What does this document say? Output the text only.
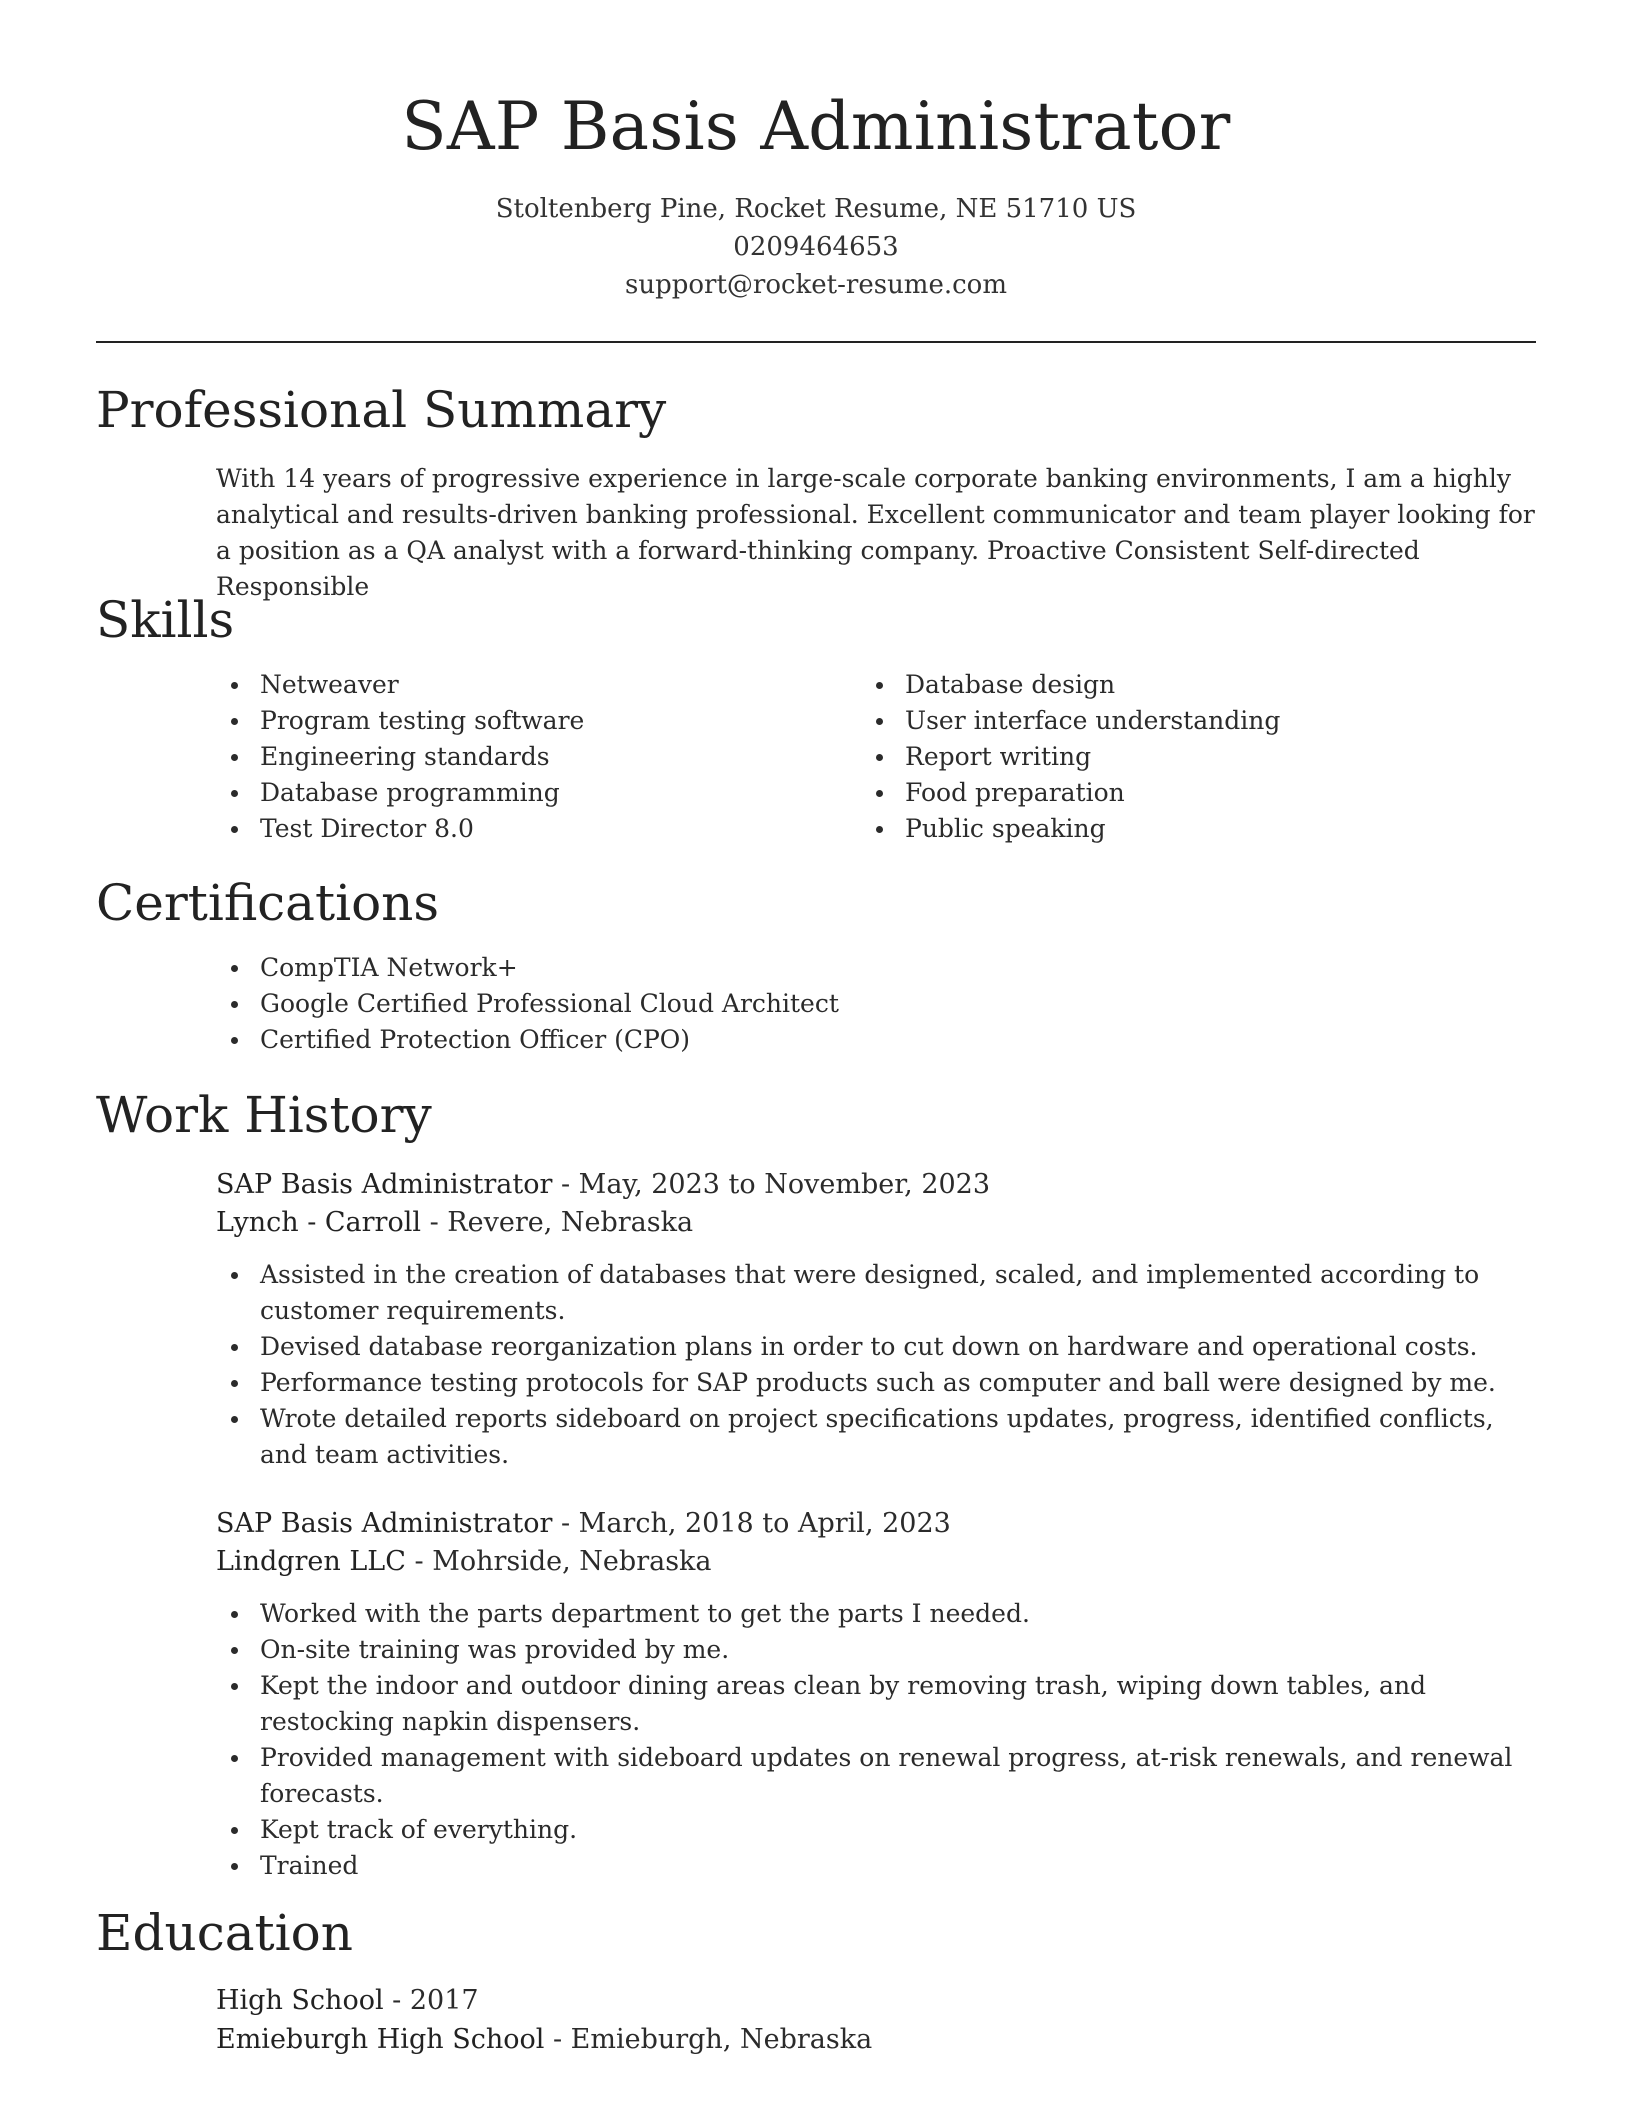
SAP Basis Administrator
Stoltenberg Pine, Rocket Resume, NE 51710 US
0209464653
support@rocket-resume.com
Professional Summary
With 14 years of progressive experience in large-scale corporate banking environments, I am a highly analytical and results-driven banking professional. Excellent communicator and team player looking for a position as a QA analyst with a forward-thinking company. Proactive Consistent Self-directed Responsible
Skills
Netweaver
Program testing software
Engineering standards
Database programming
Test Director 8.0
Database design
User interface understanding
Report writing
Food preparation
Public speaking
Certifications
CompTIA Network+
Google Certified Professional Cloud Architect
Certified Protection Officer (CPO)
Work History
SAP Basis Administrator - May, 2023 to November, 2023
Lynch - Carroll - Revere, Nebraska
Assisted in the creation of databases that were designed, scaled, and implemented according to customer requirements.
Devised database reorganization plans in order to cut down on hardware and operational costs.
Performance testing protocols for SAP products such as computer and ball were designed by me.
Wrote detailed reports sideboard on project specifications updates, progress, identified conflicts, and team activities.
SAP Basis Administrator - March, 2018 to April, 2023
Lindgren LLC - Mohrside, Nebraska
Worked with the parts department to get the parts I needed.
On-site training was provided by me.
Kept the indoor and outdoor dining areas clean by removing trash, wiping down tables, and restocking napkin dispensers.
Provided management with sideboard updates on renewal progress, at-risk renewals, and renewal forecasts.
Kept track of everything.
Trained
Education
High School - 2017
Emieburgh High School - Emieburgh, Nebraska
